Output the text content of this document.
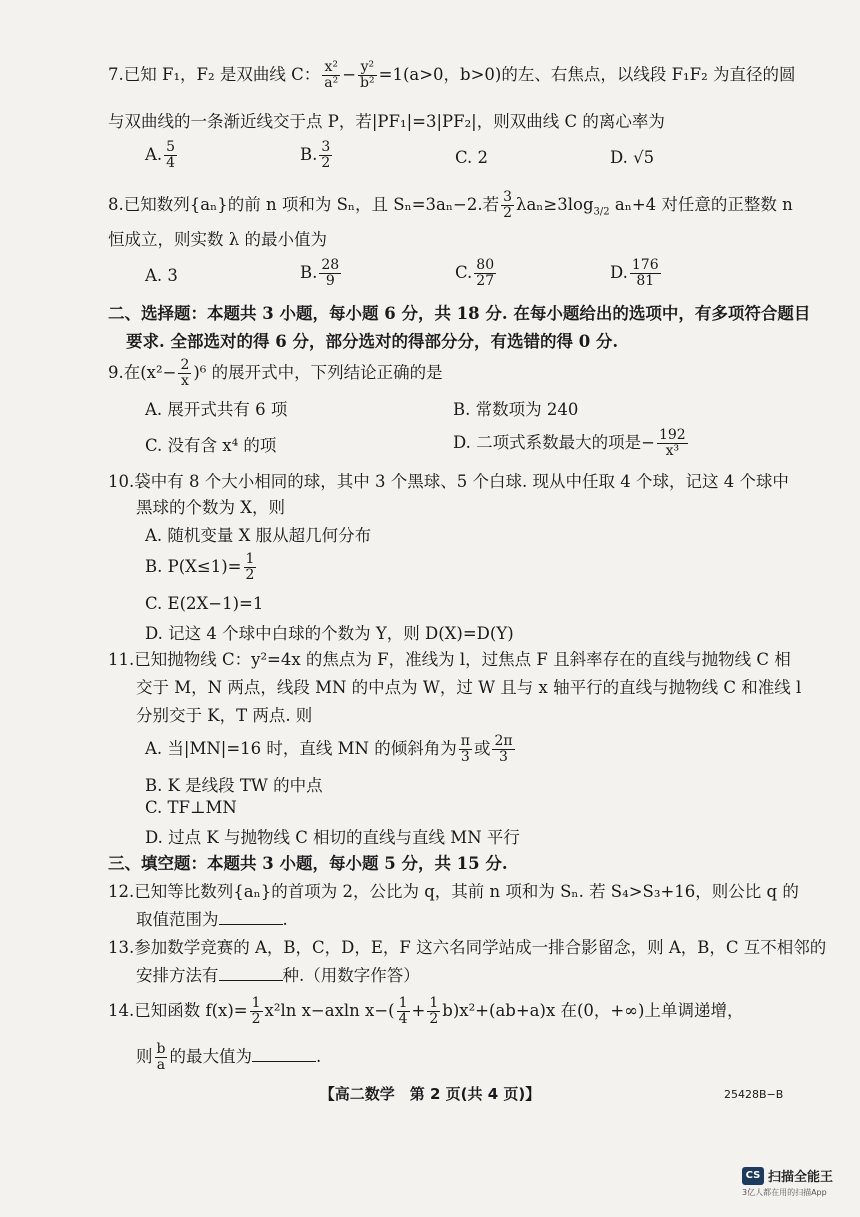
7.已知 F₁，F₂ 是双曲线 C： $\frac{\text{x²}}{\text{a²}} - \frac{\text{y²}}{\text{b²}} =1(a>0$，b>0)的左、右焦点，以线段 F₁F₂ 为直径的圆
与双曲线的一条渐近线交于点 P，若|PF₁|=3|PF₂|，则双曲线 C 的离心率为
A. $\frac{5}{4}$	B. $\frac{3}{2}$	C. 2	D. √5
8.已知数列{aₙ}的前 n 项和为 Sₙ，且 Sₙ=3aₙ−2.若 $\frac{3}{2} \lambda a_n\ge 3\log_{3/2}$ aₙ+4 对任意的正整数 n
恒成立，则实数 λ 的最小值为
A. 3	B. $\frac{28}{9}$	C. $\frac{80}{27}$	D. $\frac{176}{81}$
二、选择题：本题共 3 小题，每小题 6 分，共 18 分. 在每小题给出的选项中，有多项符合题目
要求. 全部选对的得 6 分，部分选对的得部分分，有选错的得 0 分.
9.在$(x^2- \frac{2}{x} )^6$ 的展开式中，下列结论正确的是
A. 展开式共有 6 项	B. 常数项为 240
C. 没有含 x⁴ 的项	D. 二项式系数最大的项是− $\frac{192}{\text{x³}}$
10.袋中有 8 个大小相同的球，其中 3 个黑球、5 个白球. 现从中任取 4 个球，记这 4 个球中
黑球的个数为 X，则
A. 随机变量 X 服从超几何分布
B. $P(X\le 1)= \frac{1}{2}$
C. E(2X−1)=1
D. 记这 4 个球中白球的个数为 Y，则 D(X)=D(Y)
11.已知抛物线 C：y²=4x 的焦点为 F，准线为 l，过焦点 F 且斜率存在的直线与抛物线 C 相
交于 M，N 两点，线段 MN 的中点为 W，过 W 且与 x 轴平行的直线与抛物线 C 和准线 l
分别交于 K，T 两点. 则
A. 当|MN|=16 时，直线 MN 的倾斜角为 $\frac{\pi}{3}$ 或 $\frac{2\pi}{3}$
B. K 是线段 TW 的中点
C. TF⊥MN
D. 过点 K 与抛物线 C 相切的直线与直线 MN 平行
三、填空题：本题共 3 小题，每小题 5 分，共 15 分.
12.已知等比数列{aₙ}的首项为 2，公比为 q，其前 n 项和为 Sₙ. 若 S₄>S₃+16，则公比 q 的
取值范围为	.
13.参加数学竞赛的 A，B，C，D，E，F 这六名同学站成一排合影留念，则 A，B，C 互不相邻的
安排方法有	种.（用数字作答）
14.已知函数 $f(x)= \frac{1}{2} x^2\ln$ x−axln $x-( \frac{1}{4} + \frac{1}{2} b)x^2+(ab+a)x$ 在(0，+∞)上单调递增，
则 $\frac{b}{a}$ 的最大值为	.
【高二数学　第 2 页(共 4 页)】	25428B−B
CS 扫描全能王
3亿人都在用的扫描App
